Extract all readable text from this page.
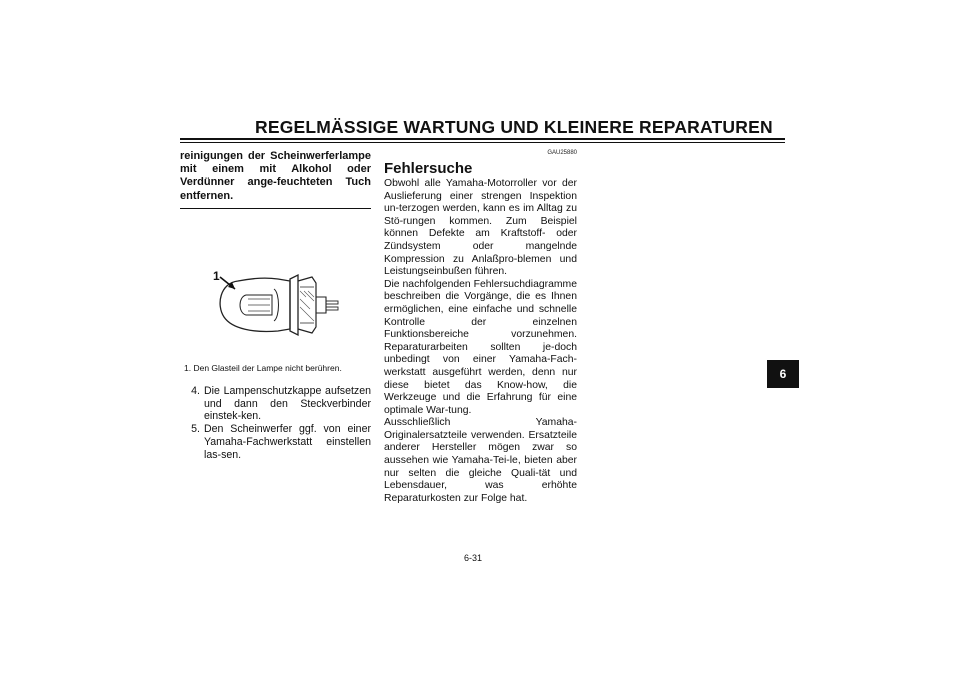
REGELMÄSSIGE WARTUNG UND KLEINERE REPARATUREN
reinigungen der Scheinwerferlampe mit einem mit Alkohol oder Verdünner ange-feuchteten Tuch entfernen.
1
1. Den Glasteil der Lampe nicht berühren.
4. Die Lampenschutzkappe aufsetzen und dann den Steckverbinder einstek-ken.
5. Den Scheinwerfer ggf. von einer Yamaha-Fachwerkstatt einstellen las-sen.
GAU25880
Fehlersuche
Obwohl alle Yamaha-Motorroller vor der Auslieferung einer strengen Inspektion un-terzogen werden, kann es im Alltag zu Stö-rungen kommen. Zum Beispiel können Defekte am Kraftstoff- oder Zündsystem oder mangelnde Kompression zu Anlaßpro-blemen und Leistungseinbußen führen.
Die nachfolgenden Fehlersuchdiagramme beschreiben die Vorgänge, die es Ihnen ermöglichen, eine einfache und schnelle Kontrolle der einzelnen Funktionsbereiche vorzunehmen. Reparaturarbeiten sollten je-doch unbedingt von einer Yamaha-Fach-werkstatt ausgeführt werden, denn nur diese bietet das Know-how, die Werkzeuge und die Erfahrung für eine optimale War-tung.
Ausschließlich Yamaha-Originalersatzteile verwenden. Ersatzteile anderer Hersteller mögen zwar so aussehen wie Yamaha-Tei-le, bieten aber nur selten die gleiche Quali-tät und Lebensdauer, was erhöhte Reparaturkosten zur Folge hat.
6
6-31
